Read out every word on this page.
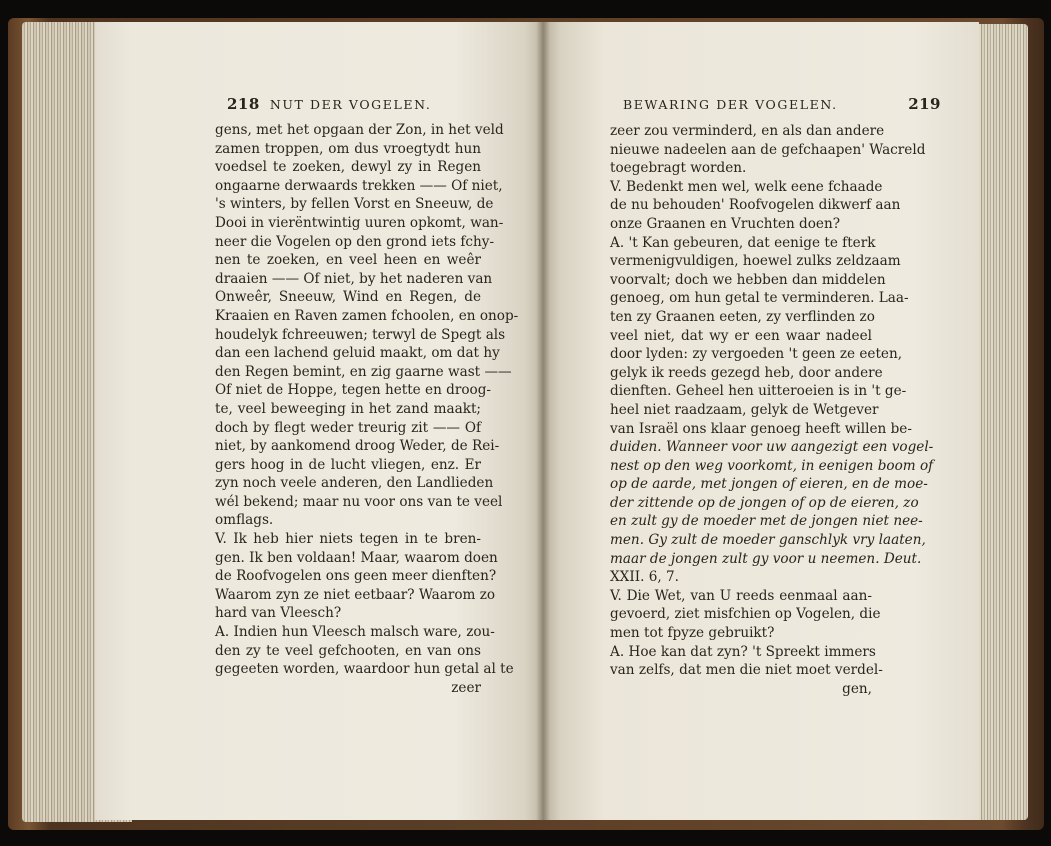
218 NUT DER VOGELEN.
gens, met het opgaan der Zon, in het veld
zamen troppen, om dus vroegtydt hun
voedsel te zoeken, dewyl zy in Regen
ongaarne derwaards trekken —— Of niet,
's winters, by fellen Vorst en Sneeuw, de
Dooi in vierëntwintig uuren opkomt, wan-
neer die Vogelen op den grond iets fchy-
nen te zoeken, en veel heen en weêr
draaien —— Of niet, by het naderen van
Onweêr, Sneeuw, Wind en Regen, de
Kraaien en Raven zamen fchoolen, en onop-
houdelyk fchreeuwen; terwyl de Spegt als
dan een lachend geluid maakt, om dat hy
den Regen bemint, en zig gaarne wast ——
Of niet de Hoppe, tegen hette en droog-
te, veel beweeging in het zand maakt;
doch by flegt weder treurig zit —— Of
niet, by aankomend droog Weder, de Rei-
gers hoog in de lucht vliegen, enz. Er
zyn noch veele anderen, den Landlieden
wél bekend; maar nu voor ons van te veel
omflags.
V. Ik heb hier niets tegen in te bren-
gen. Ik ben voldaan! Maar, waarom doen
de Roofvogelen ons geen meer dienften?
Waarom zyn ze niet eetbaar? Waarom zo
hard van Vleesch?
A. Indien hun Vleesch malsch ware, zou-
den zy te veel gefchooten, en van ons
gegeeten worden, waardoor hun getal al te
zeer
BEWARING DER VOGELEN.	219
zeer zou verminderd, en als dan andere
nieuwe nadeelen aan de gefchaapen' Wacreld
toegebragt worden.
V. Bedenkt men wel, welk eene fchaade
de nu behouden' Roofvogelen dikwerf aan
onze Graanen en Vruchten doen?
A. 't Kan gebeuren, dat eenige te fterk
vermenigvuldigen, hoewel zulks zeldzaam
voorvalt; doch we hebben dan middelen
genoeg, om hun getal te verminderen. Laa-
ten zy Graanen eeten, zy verflinden zo
veel niet, dat wy er een waar nadeel
door lyden: zy vergoeden 't geen ze eeten,
gelyk ik reeds gezegd heb, door andere
dienften. Geheel hen uitteroeien is in 't ge-
heel niet raadzaam, gelyk de Wetgever
van Israël ons klaar genoeg heeft willen be-
duiden. Wanneer voor uw aangezigt een vogel-
nest op den weg voorkomt, in eenigen boom of
op de aarde, met jongen of eieren, en de moe-
der zittende op de jongen of op de eieren, zo
en zult gy de moeder met de jongen niet nee-
men. Gy zult de moeder ganschlyk vry laaten,
maar de jongen zult gy voor u neemen. Deut.
XXII. 6, 7.
V. Die Wet, van U reeds eenmaal aan-
gevoerd, ziet misfchien op Vogelen, die
men tot fpyze gebruikt?
A. Hoe kan dat zyn? 't Spreekt immers
van zelfs, dat men die niet moet verdel-
gen,
